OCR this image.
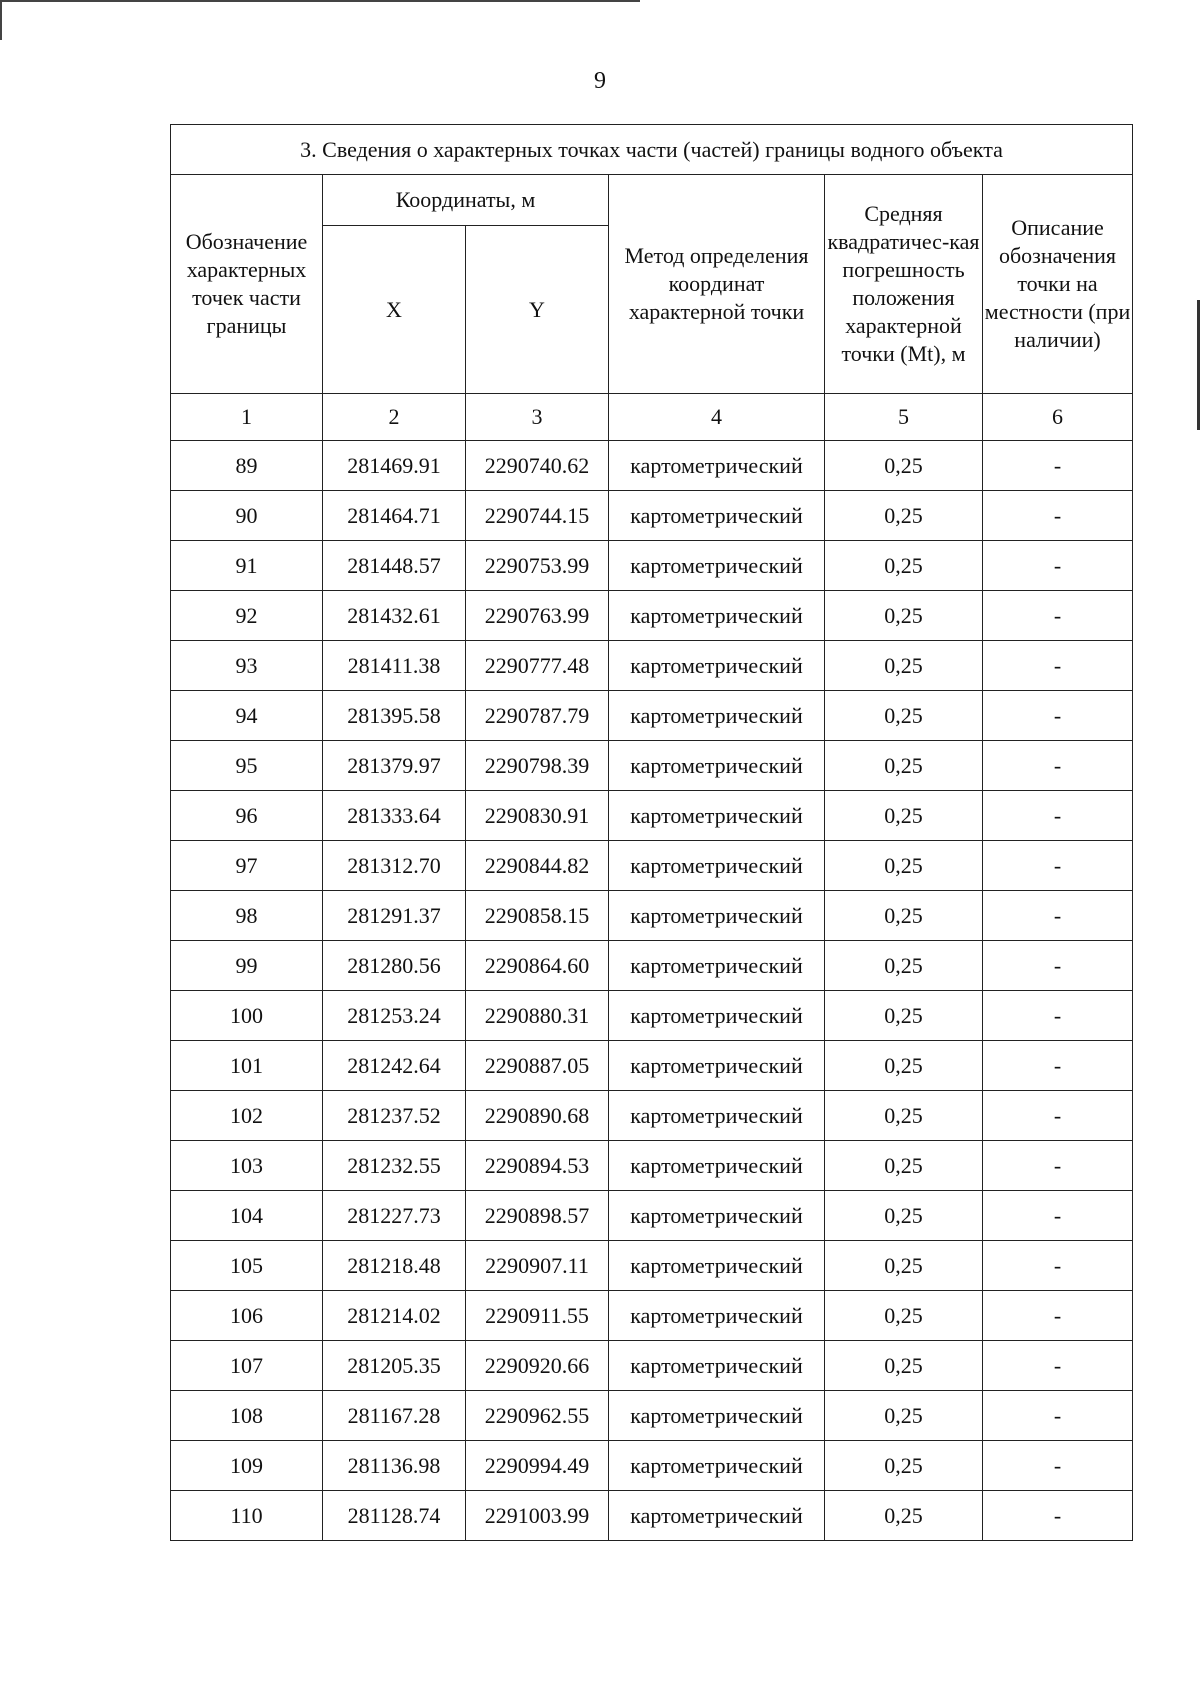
9
3. Сведения о характерных точках части (частей) границы водного объекта					
Обозначение характерных точек части границы	Координаты, м		Метод определения координат характерной точки	Средняя квадратичес-кая погрешность положения характерной точки (Mt), м	Описание обозначения точки на местности (при наличии)
	X	Y			
1	2	3	4	5	6
89	281469.91	2290740.62	картометрический	0,25	-
90	281464.71	2290744.15	картометрический	0,25	-
91	281448.57	2290753.99	картометрический	0,25	-
92	281432.61	2290763.99	картометрический	0,25	-
93	281411.38	2290777.48	картометрический	0,25	-
94	281395.58	2290787.79	картометрический	0,25	-
95	281379.97	2290798.39	картометрический	0,25	-
96	281333.64	2290830.91	картометрический	0,25	-
97	281312.70	2290844.82	картометрический	0,25	-
98	281291.37	2290858.15	картометрический	0,25	-
99	281280.56	2290864.60	картометрический	0,25	-
100	281253.24	2290880.31	картометрический	0,25	-
101	281242.64	2290887.05	картометрический	0,25	-
102	281237.52	2290890.68	картометрический	0,25	-
103	281232.55	2290894.53	картометрический	0,25	-
104	281227.73	2290898.57	картометрический	0,25	-
105	281218.48	2290907.11	картометрический	0,25	-
106	281214.02	2290911.55	картометрический	0,25	-
107	281205.35	2290920.66	картометрический	0,25	-
108	281167.28	2290962.55	картометрический	0,25	-
109	281136.98	2290994.49	картометрический	0,25	-
110	281128.74	2291003.99	картометрический	0,25	-
